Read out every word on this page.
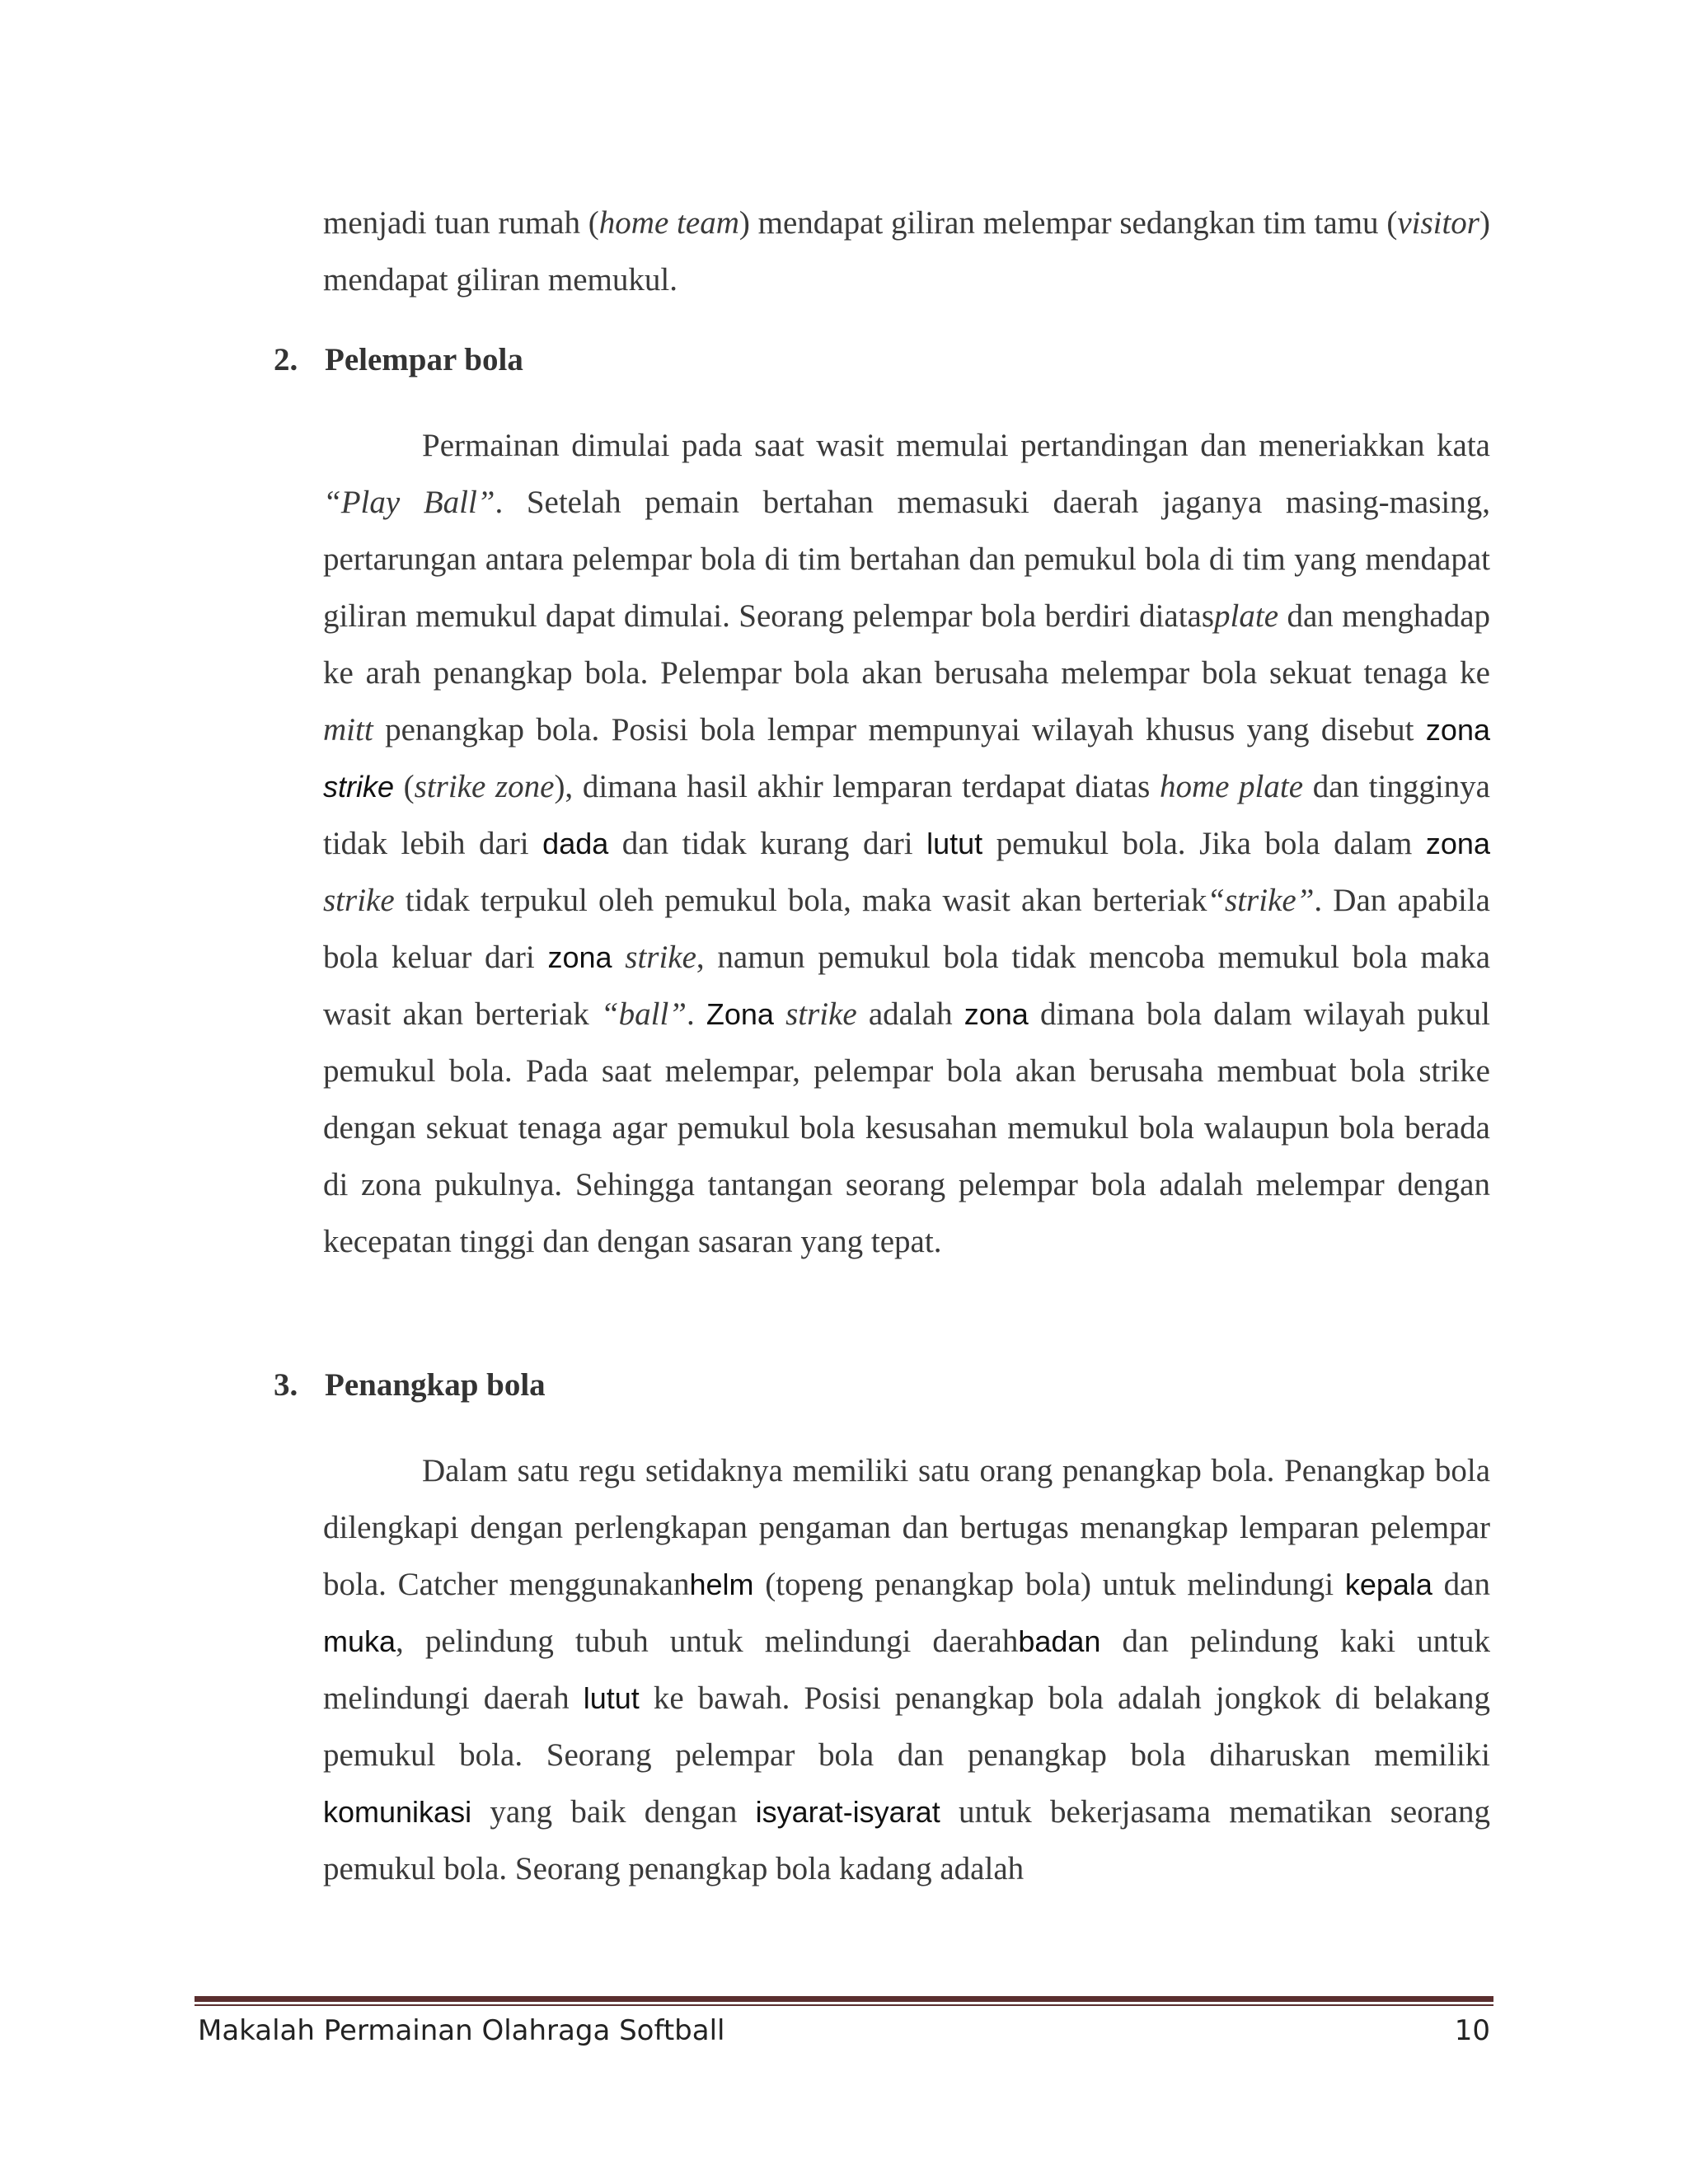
menjadi tuan rumah (home team) mendapat giliran melempar sedangkan tim tamu (visitor) mendapat giliran memukul.

2. Pelempar bola

Permainan dimulai pada saat wasit memulai pertandingan dan meneriakkan kata “Play Ball”. Setelah pemain bertahan memasuki daerah jaganya masing-masing, pertarungan antara pelempar bola di tim bertahan dan pemukul bola di tim yang mendapat giliran memukul dapat dimulai. Seorang pelempar bola berdiri diatasplate dan menghadap ke arah penangkap bola. Pelempar bola akan berusaha melempar bola sekuat tenaga ke mitt penangkap bola. Posisi bola lempar mempunyai wilayah khusus yang disebut zona strike (strike zone), dimana hasil akhir lemparan terdapat diatas home plate dan tingginya tidak lebih dari dada dan tidak kurang dari lutut pemukul bola. Jika bola dalam zona strike tidak terpukul oleh pemukul bola, maka wasit akan berteriak“strike”. Dan apabila bola keluar dari zona strike, namun pemukul bola tidak mencoba memukul bola maka wasit akan berteriak “ball”. Zona strike adalah zona dimana bola dalam wilayah pukul pemukul bola. Pada saat melempar, pelempar bola akan berusaha membuat bola strike dengan sekuat tenaga agar pemukul bola kesusahan memukul bola walaupun bola berada di zona pukulnya. Sehingga tantangan seorang pelempar bola adalah melempar dengan kecepatan tinggi dan dengan sasaran yang tepat.

3. Penangkap bola

Dalam satu regu setidaknya memiliki satu orang penangkap bola. Penangkap bola dilengkapi dengan perlengkapan pengaman dan bertugas menangkap lemparan pelempar bola. Catcher menggunakanhelm (topeng penangkap bola) untuk melindungi kepala dan muka, pelindung tubuh untuk melindungi daerahbadan dan pelindung kaki untuk melindungi daerah lutut ke bawah. Posisi penangkap bola adalah jongkok di belakang pemukul bola. Seorang pelempar bola dan penangkap bola diharuskan memiliki komunikasi yang baik dengan isyarat-isyarat untuk bekerjasama mematikan seorang pemukul bola. Seorang penangkap bola kadang adalah

Makalah Permainan Olahraga Softball	10
